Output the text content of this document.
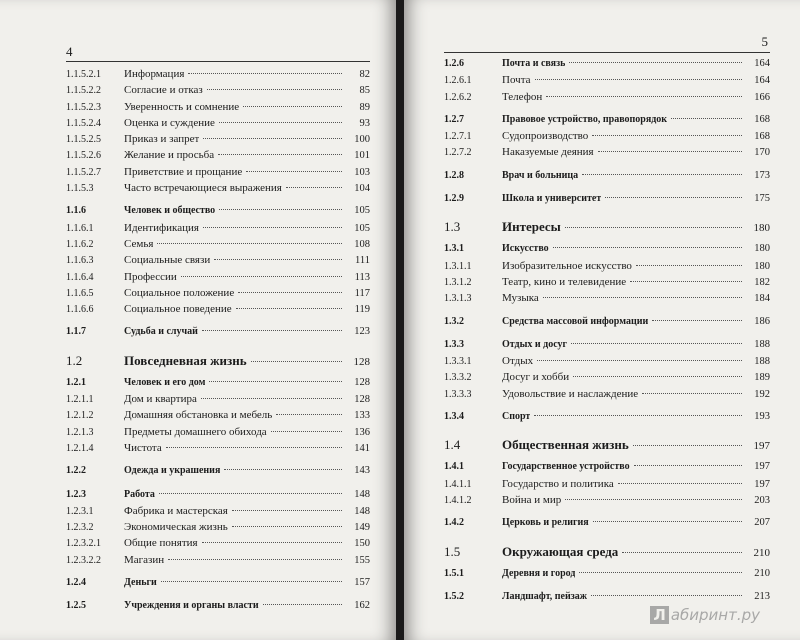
4
1.1.5.2.1	Информация	82
1.1.5.2.2	Согласие и отказ	85
1.1.5.2.3	Уверенность и сомнение	89
1.1.5.2.4	Оценка и суждение	93
1.1.5.2.5	Приказ и запрет	100
1.1.5.2.6	Желание и просьба	101
1.1.5.2.7	Приветствие и прощание	103
1.1.5.3	Часто встречающиеся выражения	104
1.1.6	Человек и общество	105
1.1.6.1	Идентификация	105
1.1.6.2	Семья	108
1.1.6.3	Социальные связи	111
1.1.6.4	Профессии	113
1.1.6.5	Социальное положение	117
1.1.6.6	Социальное поведение	119
1.1.7	Судьба и случай	123
1.2	Повседневная жизнь	128
1.2.1	Человек и его дом	128
1.2.1.1	Дом и квартира	128
1.2.1.2	Домашняя обстановка и мебель	133
1.2.1.3	Предметы домашнего обихода	136
1.2.1.4	Чистота	141
1.2.2	Одежда и украшения	143
1.2.3	Работа	148
1.2.3.1	Фабрика и мастерская	148
1.2.3.2	Экономическая жизнь	149
1.2.3.2.1	Общие понятия	150
1.2.3.2.2	Магазин	155
1.2.4	Деньги	157
1.2.5	Учреждения и органы власти	162
5
1.2.6	Почта и связь	164
1.2.6.1	Почта	164
1.2.6.2	Телефон	166
1.2.7	Правовое устройство, правопорядок	168
1.2.7.1	Судопроизводство	168
1.2.7.2	Наказуемые деяния	170
1.2.8	Врач и больница	173
1.2.9	Школа и университет	175
1.3	Интересы	180
1.3.1	Искусство	180
1.3.1.1	Изобразительное искусство	180
1.3.1.2	Театр, кино и телевидение	182
1.3.1.3	Музыка	184
1.3.2	Средства массовой информации	186
1.3.3	Отдых и досуг	188
1.3.3.1	Отдых	188
1.3.3.2	Досуг и хобби	189
1.3.3.3	Удовольствие и наслаждение	192
1.3.4	Спорт	193
1.4	Общественная жизнь	197
1.4.1	Государственное устройство	197
1.4.1.1	Государство и политика	197
1.4.1.2	Война и мир	203
1.4.2	Церковь и религия	207
1.5	Окружающая среда	210
1.5.1	Деревня и город	210
1.5.2	Ландшафт, пейзаж	213
Л абиринт.ру
